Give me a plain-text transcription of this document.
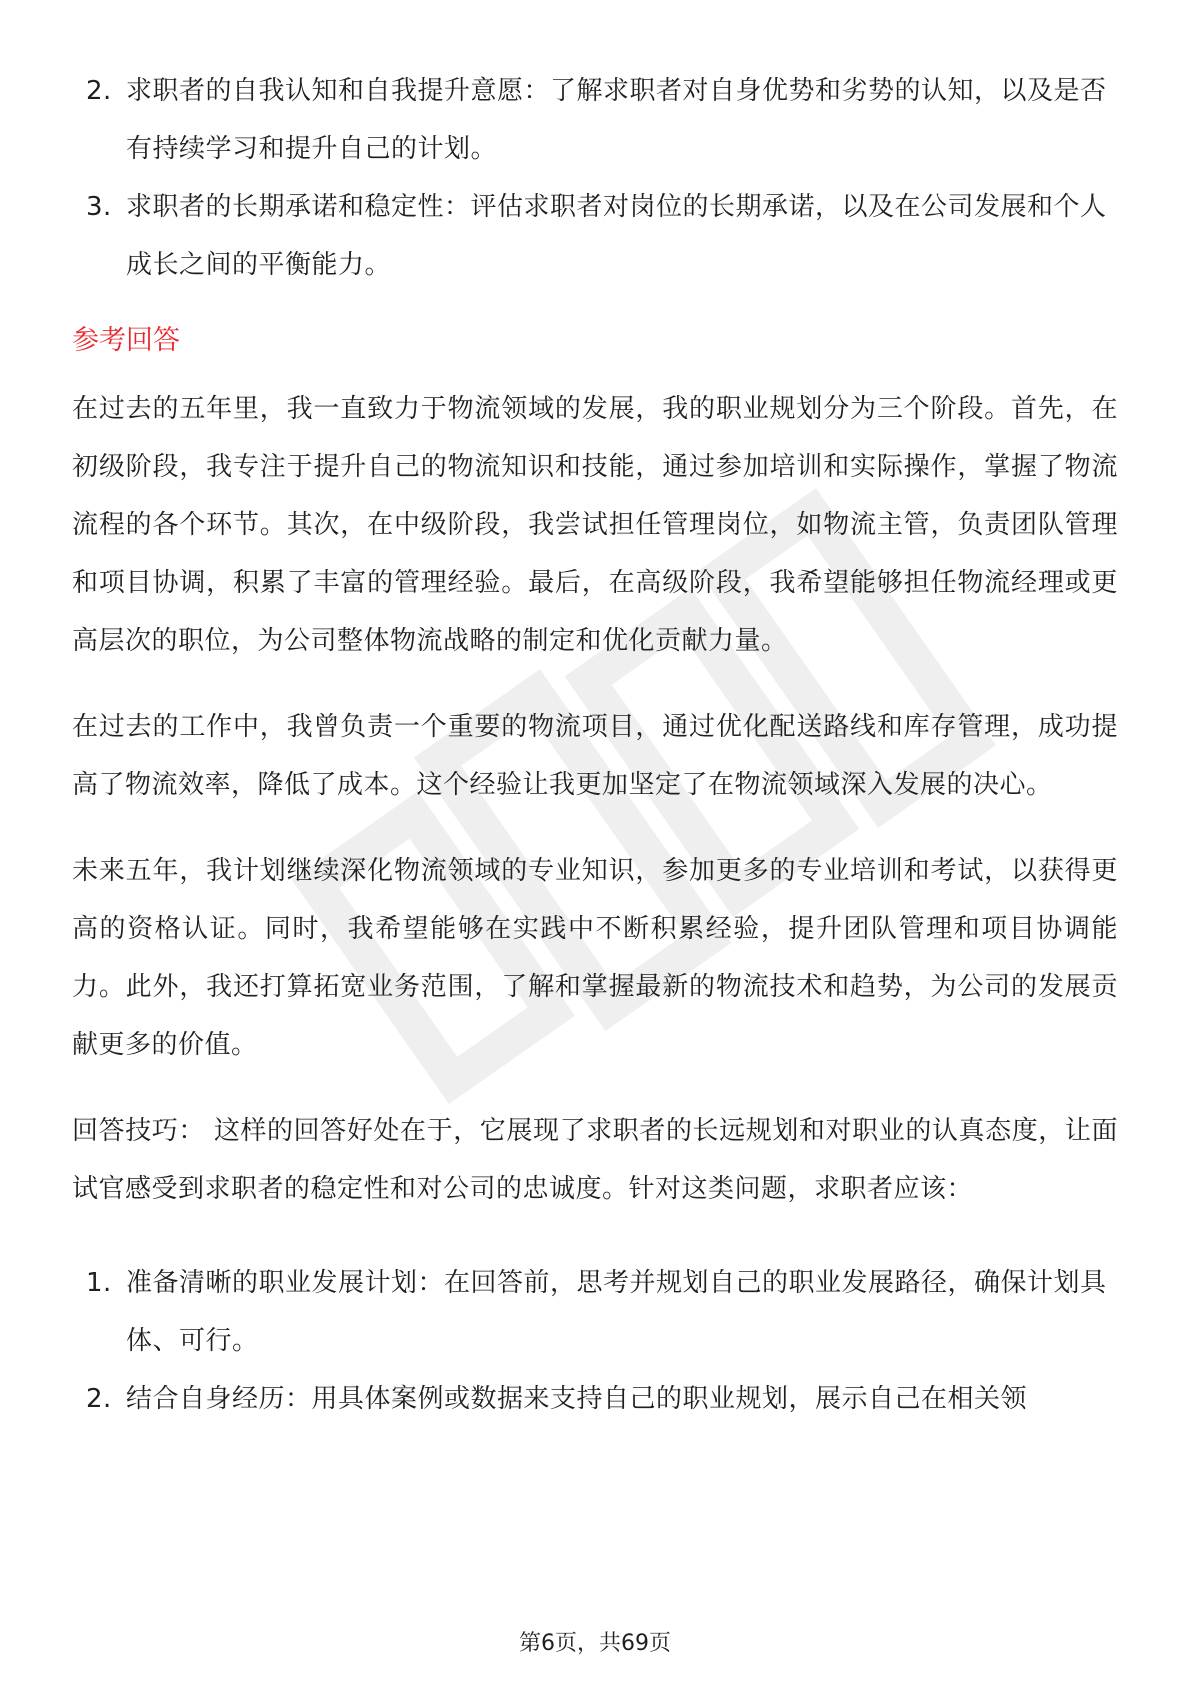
2. 求职者的自我认知和自我提升意愿：了解求职者对自身优势和劣势的认知，以及是否有持续学习和提升自己的计划。
3. 求职者的长期承诺和稳定性：评估求职者对岗位的长期承诺，以及在公司发展和个人成长之间的平衡能力。
参考回答

在过去的五年里，我一直致力于物流领域的发展，我的职业规划分为三个阶段。首先，在初级阶段，我专注于提升自己的物流知识和技能，通过参加培训和实际操作，掌握了物流流程的各个环节。其次，在中级阶段，我尝试担任管理岗位，如物流主管，负责团队管理和项目协调，积累了丰富的管理经验。最后，在高级阶段，我希望能够担任物流经理或更高层次的职位，为公司整体物流战略的制定和优化贡献力量。

在过去的工作中，我曾负责一个重要的物流项目，通过优化配送路线和库存管理，成功提高了物流效率，降低了成本。这个经验让我更加坚定了在物流领域深入发展的决心。

未来五年，我计划继续深化物流领域的专业知识，参加更多的专业培训和考试，以获得更高的资格认证。同时，我希望能够在实践中不断积累经验，提升团队管理和项目协调能力。此外，我还打算拓宽业务范围，了解和掌握最新的物流技术和趋势，为公司的发展贡献更多的价值。

回答技巧： 这样的回答好处在于，它展现了求职者的长远规划和对职业的认真态度，让面试官感受到求职者的稳定性和对公司的忠诚度。针对这类问题，求职者应该：

1. 准备清晰的职业发展计划：在回答前，思考并规划自己的职业发展路径，确保计划具体、可行。
2. 结合自身经历：用具体案例或数据来支持自己的职业规划，展示自己在相关领
第6页，共69页
